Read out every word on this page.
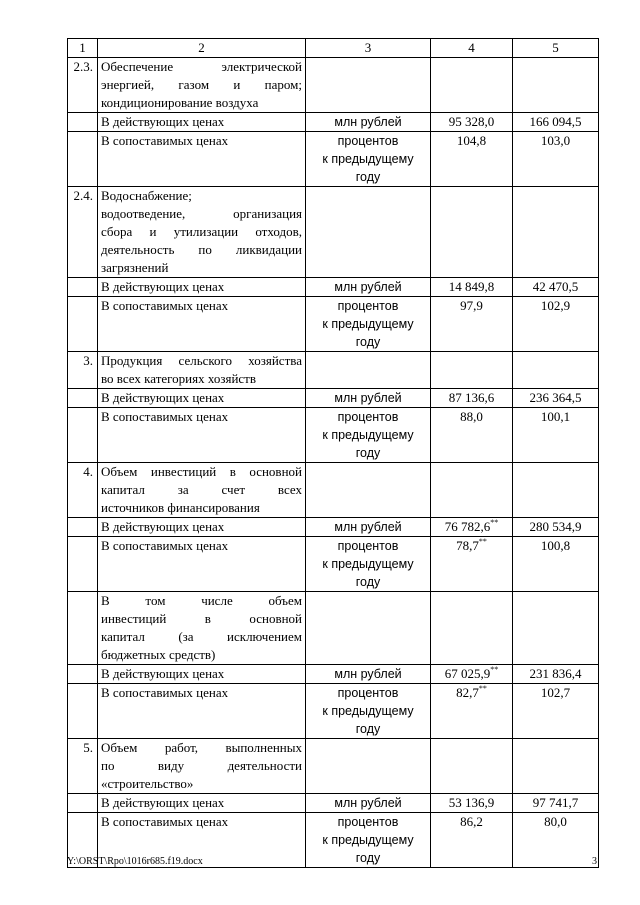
1	2	3	4	5
2.3.	Обеспечение электрической
энергией, газом и паром;
кондиционирование воздуха			

	В действующих ценах	млн рублей	95 328,0	166 094,5
	В сопоставимых ценах	процентов
к предыдущему
году	104,8	103,0
2.4.	Водоснабжение;
водоотведение, организация
сбора и утилизации отходов,
деятельность по ликвидации
загрязнений			

	В действующих ценах	млн рублей	14 849,8	42 470,5
	В сопоставимых ценах	процентов
к предыдущему
году	97,9	102,9
3.	Продукция сельского хозяйства
во всех категориях хозяйств			

	В действующих ценах	млн рублей	87 136,6	236 364,5
	В сопоставимых ценах	процентов
к предыдущему
году	88,0	100,1
4.	Объем инвестиций в основной
капитал за счет всех
источников финансирования			

	В действующих ценах	млн рублей	76 782,6**	280 534,9
	В сопоставимых ценах	процентов
к предыдущему
году	78,7**	100,8

	В том числе объем
инвестиций в основной
капитал (за исключением
бюджетных средств)			

	В действующих ценах	млн рублей	67 025,9**	231 836,4
	В сопоставимых ценах	процентов
к предыдущему
году	82,7**	102,7
5.	Объем работ, выполненных
по виду деятельности
«строительство»			

	В действующих ценах	млн рублей	53 136,9	97 741,7
	В сопоставимых ценах	процентов
к предыдущему
году	86,2	80,0
Y:\ORST\Rpo\1016r685.f19.docx	3
